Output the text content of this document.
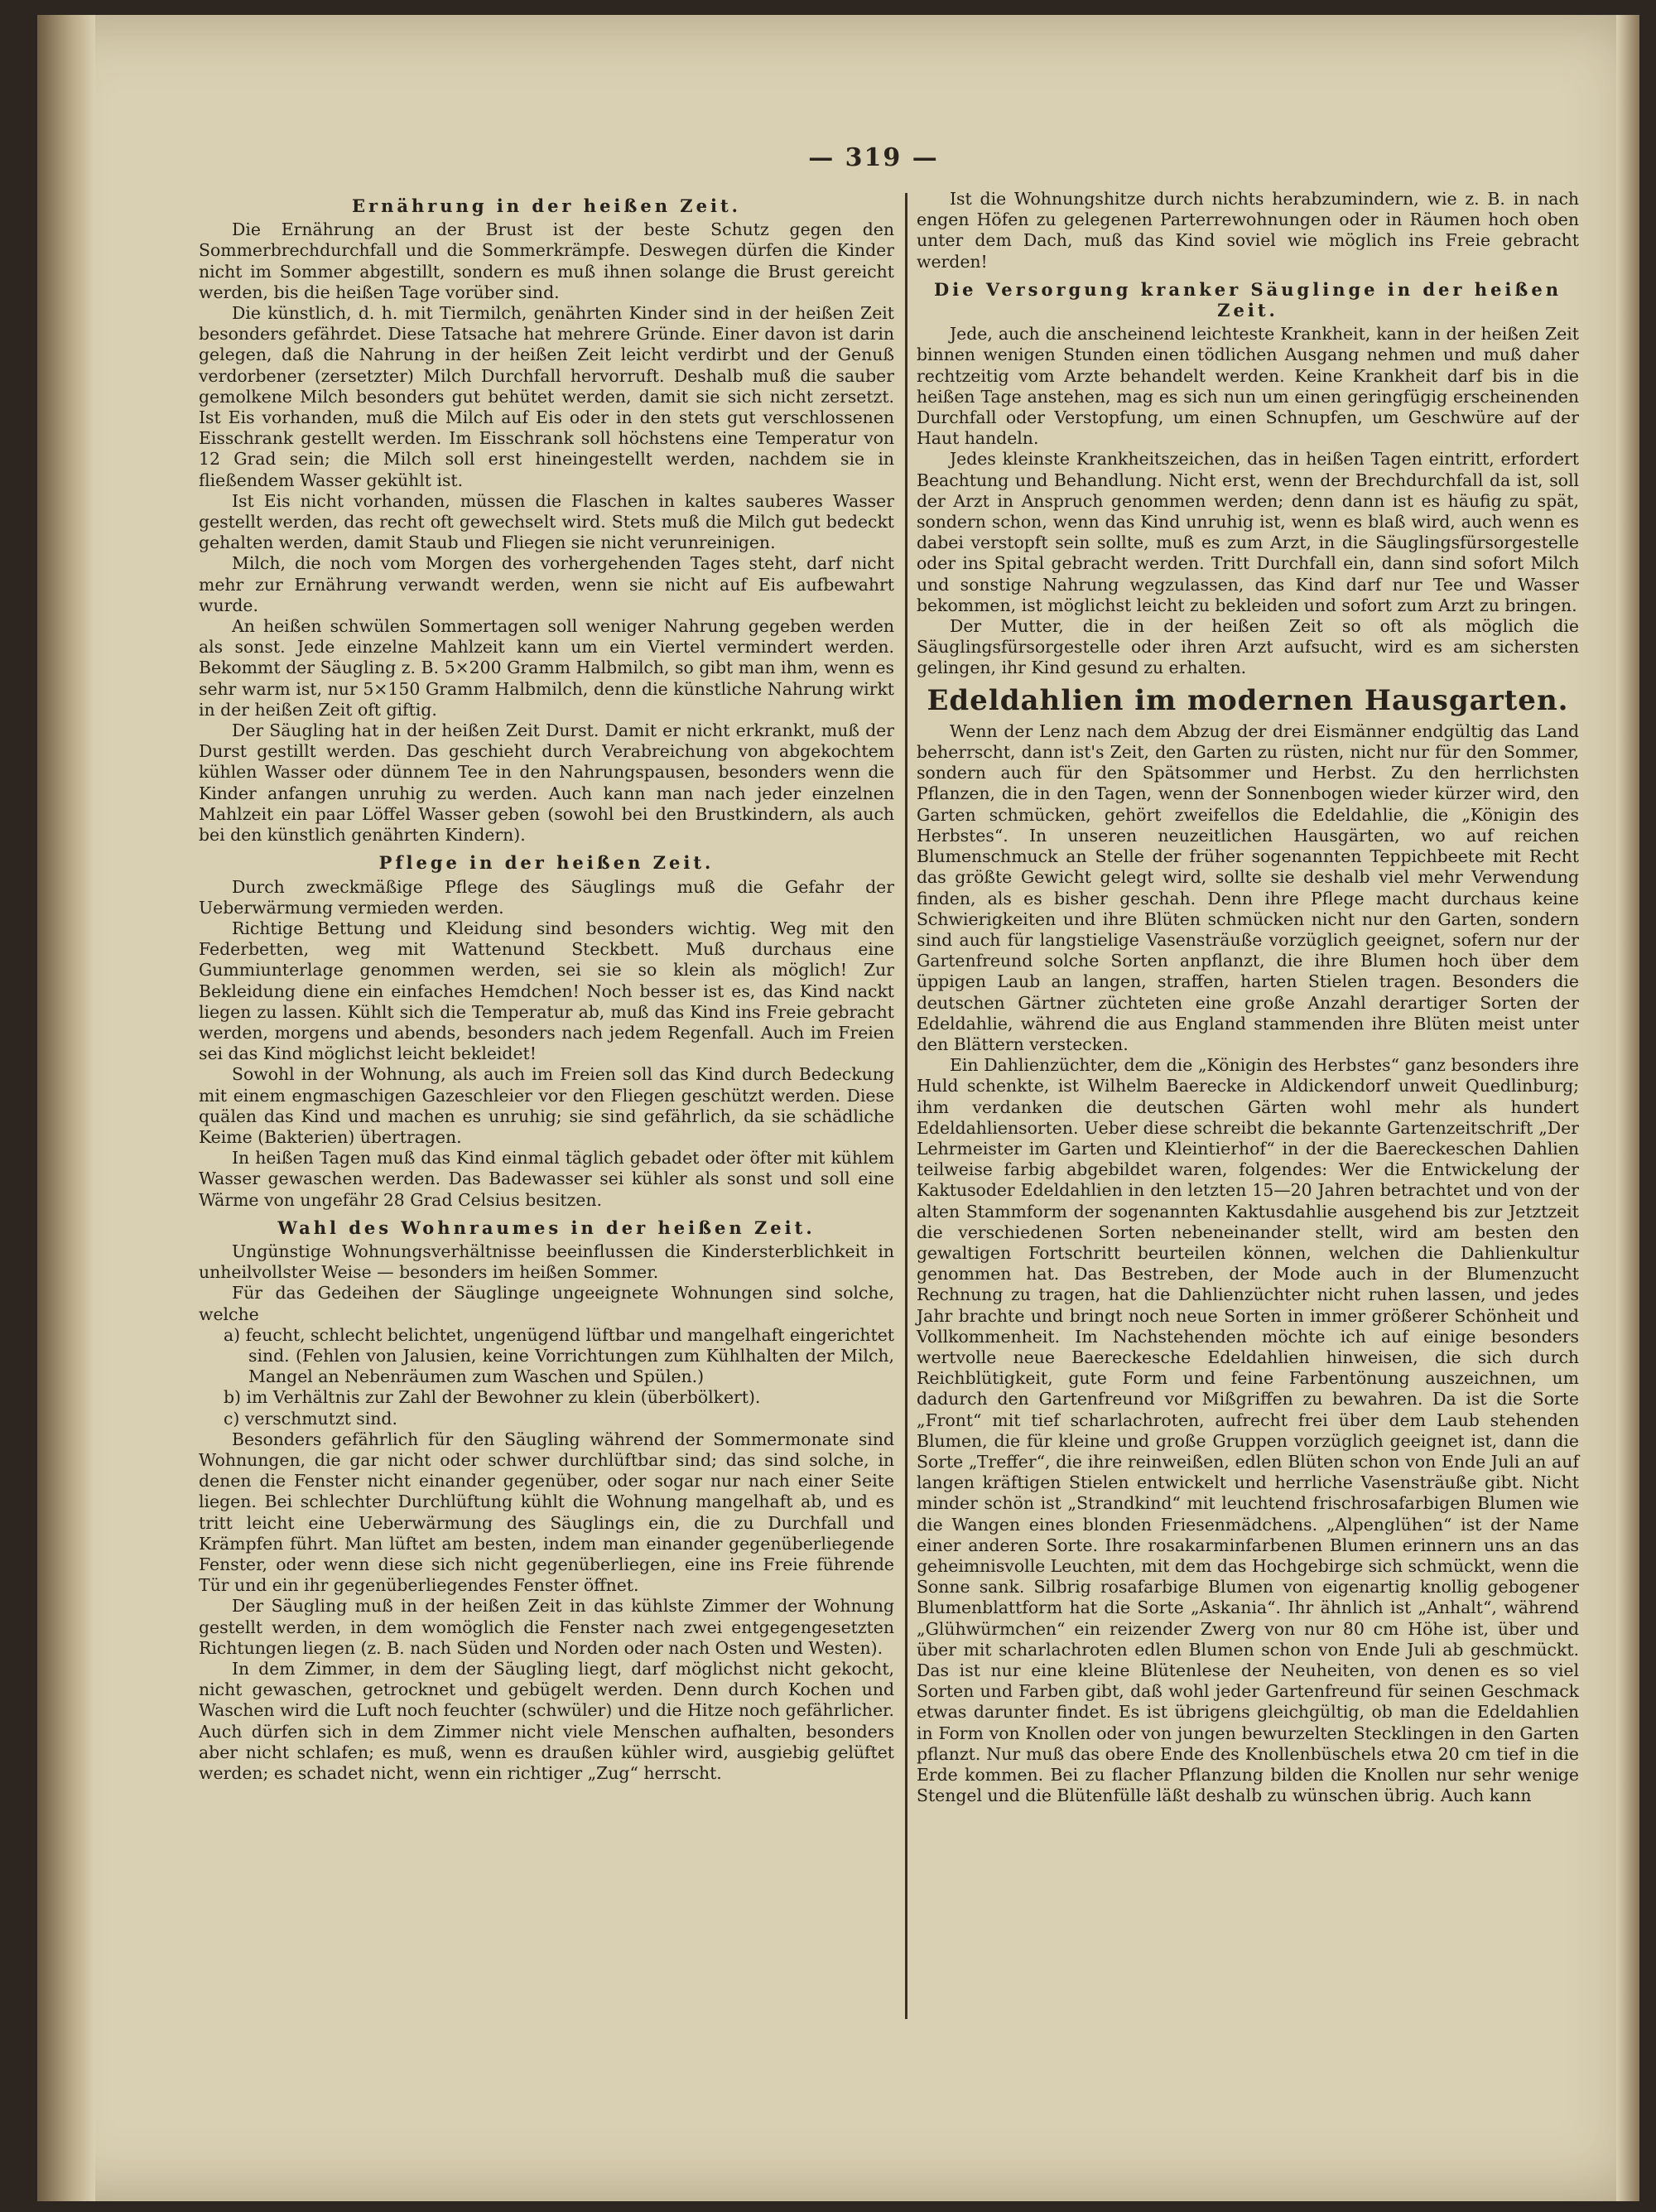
— 319 —
Ernährung in der heißen Zeit.

Die Ernährung an der Brust ist der beste Schutz gegen den Sommerbrechdurchfall und die Sommerkrämpfe. Deswegen dürfen die Kinder nicht im Sommer abgestillt, sondern es muß ihnen solange die Brust gereicht werden, bis die heißen Tage vorüber sind.

Die künstlich, d. h. mit Tiermilch, genährten Kinder sind in der heißen Zeit besonders gefährdet. Diese Tatsache hat mehrere Gründe. Einer davon ist darin gelegen, daß die Nahrung in der heißen Zeit leicht verdirbt und der Genuß verdorbener (zersetzter) Milch Durchfall hervorruft. Deshalb muß die sauber gemolkene Milch besonders gut behütet werden, damit sie sich nicht zersetzt. Ist Eis vorhanden, muß die Milch auf Eis oder in den stets gut verschlossenen Eisschrank gestellt werden. Im Eisschrank soll höchstens eine Temperatur von 12 Grad sein; die Milch soll erst hineingestellt werden, nachdem sie in fließendem Wasser gekühlt ist.

Ist Eis nicht vorhanden, müssen die Flaschen in kaltes sauberes Wasser gestellt werden, das recht oft gewechselt wird. Stets muß die Milch gut bedeckt gehalten werden, damit Staub und Fliegen sie nicht verunreinigen.

Milch, die noch vom Morgen des vorhergehenden Tages steht, darf nicht mehr zur Ernährung verwandt werden, wenn sie nicht auf Eis aufbewahrt wurde.

An heißen schwülen Sommertagen soll weniger Nahrung gegeben werden als sonst. Jede einzelne Mahlzeit kann um ein Viertel vermindert werden. Bekommt der Säugling z. B. 5×200 Gramm Halbmilch, so gibt man ihm, wenn es sehr warm ist, nur 5×150 Gramm Halbmilch, denn die künstliche Nahrung wirkt in der heißen Zeit oft giftig.

Der Säugling hat in der heißen Zeit Durst. Damit er nicht erkrankt, muß der Durst gestillt werden. Das geschieht durch Verabreichung von abgekochtem kühlen Wasser oder dünnem Tee in den Nahrungspausen, besonders wenn die Kinder anfangen unruhig zu werden. Auch kann man nach jeder einzelnen Mahlzeit ein paar Löffel Wasser geben (sowohl bei den Brustkindern, als auch bei den künstlich genährten Kindern).

Pflege in der heißen Zeit.

Durch zweckmäßige Pflege des Säuglings muß die Gefahr der Ueberwärmung vermieden werden.

Richtige Bettung und Kleidung sind besonders wichtig. Weg mit den Federbetten, weg mit Wattenund Steckbett. Muß durchaus eine Gummiunterlage genommen werden, sei sie so klein als möglich! Zur Bekleidung diene ein einfaches Hemdchen! Noch besser ist es, das Kind nackt liegen zu lassen. Kühlt sich die Temperatur ab, muß das Kind ins Freie gebracht werden, morgens und abends, besonders nach jedem Regenfall. Auch im Freien sei das Kind möglichst leicht bekleidet!

Sowohl in der Wohnung, als auch im Freien soll das Kind durch Bedeckung mit einem engmaschigen Gazeschleier vor den Fliegen geschützt werden. Diese quälen das Kind und machen es unruhig; sie sind gefährlich, da sie schädliche Keime (Bakterien) übertragen.

In heißen Tagen muß das Kind einmal täglich gebadet oder öfter mit kühlem Wasser gewaschen werden. Das Badewasser sei kühler als sonst und soll eine Wärme von ungefähr 28 Grad Celsius besitzen.

Wahl des Wohnraumes in der heißen Zeit.

Ungünstige Wohnungsverhältnisse beeinflussen die Kindersterblichkeit in unheilvollster Weise — besonders im heißen Sommer.

Für das Gedeihen der Säuglinge ungeeignete Wohnungen sind solche, welche

a) feucht, schlecht belichtet, ungenügend lüftbar und mangelhaft eingerichtet sind. (Fehlen von Jalusien, keine Vorrichtungen zum Kühlhalten der Milch, Mangel an Nebenräumen zum Waschen und Spülen.)
b) im Verhältnis zur Zahl der Bewohner zu klein (überbölkert).
c) verschmutzt sind.

Besonders gefährlich für den Säugling während der Sommermonate sind Wohnungen, die gar nicht oder schwer durchlüftbar sind; das sind solche, in denen die Fenster nicht einander gegenüber, oder sogar nur nach einer Seite liegen. Bei schlechter Durchlüftung kühlt die Wohnung mangelhaft ab, und es tritt leicht eine Ueberwärmung des Säuglings ein, die zu Durchfall und Krämpfen führt. Man lüftet am besten, indem man einander gegenüberliegende Fenster, oder wenn diese sich nicht gegenüberliegen, eine ins Freie führende Tür und ein ihr gegenüberliegendes Fenster öffnet.

Der Säugling muß in der heißen Zeit in das kühlste Zimmer der Wohnung gestellt werden, in dem womöglich die Fenster nach zwei entgegengesetzten Richtungen liegen (z. B. nach Süden und Norden oder nach Osten und Westen).

In dem Zimmer, in dem der Säugling liegt, darf möglichst nicht gekocht, nicht gewaschen, getrocknet und gebügelt werden. Denn durch Kochen und Waschen wird die Luft noch feuchter (schwüler) und die Hitze noch gefährlicher. Auch dürfen sich in dem Zimmer nicht viele Menschen aufhalten, besonders aber nicht schlafen; es muß, wenn es draußen kühler wird, ausgiebig gelüftet werden; es schadet nicht, wenn ein richtiger „Zug“ herrscht.

Ist die Wohnungshitze durch nichts herabzumindern, wie z. B. in nach engen Höfen zu gelegenen Parterrewohnungen oder in Räumen hoch oben unter dem Dach, muß das Kind soviel wie möglich ins Freie gebracht werden!

Die Versorgung kranker Säuglinge in der heißen Zeit.

Jede, auch die anscheinend leichteste Krankheit, kann in der heißen Zeit binnen wenigen Stunden einen tödlichen Ausgang nehmen und muß daher rechtzeitig vom Arzte behandelt werden. Keine Krankheit darf bis in die heißen Tage anstehen, mag es sich nun um einen geringfügig erscheinenden Durchfall oder Verstopfung, um einen Schnupfen, um Geschwüre auf der Haut handeln.

Jedes kleinste Krankheitszeichen, das in heißen Tagen eintritt, erfordert Beachtung und Behandlung. Nicht erst, wenn der Brechdurchfall da ist, soll der Arzt in Anspruch genommen werden; denn dann ist es häufig zu spät, sondern schon, wenn das Kind unruhig ist, wenn es blaß wird, auch wenn es dabei verstopft sein sollte, muß es zum Arzt, in die Säuglingsfürsorgestelle oder ins Spital gebracht werden. Tritt Durchfall ein, dann sind sofort Milch und sonstige Nahrung wegzulassen, das Kind darf nur Tee und Wasser bekommen, ist möglichst leicht zu bekleiden und sofort zum Arzt zu bringen.

Der Mutter, die in der heißen Zeit so oft als möglich die Säuglingsfürsorgestelle oder ihren Arzt aufsucht, wird es am sichersten gelingen, ihr Kind gesund zu erhalten.

Edeldahlien im modernen Hausgarten.

Wenn der Lenz nach dem Abzug der drei Eismänner endgültig das Land beherrscht, dann ist's Zeit, den Garten zu rüsten, nicht nur für den Sommer, sondern auch für den Spätsommer und Herbst. Zu den herrlichsten Pflanzen, die in den Tagen, wenn der Sonnenbogen wieder kürzer wird, den Garten schmücken, gehört zweifellos die Edeldahlie, die „Königin des Herbstes“. In unseren neuzeitlichen Hausgärten, wo auf reichen Blumenschmuck an Stelle der früher sogenannten Teppichbeete mit Recht das größte Gewicht gelegt wird, sollte sie deshalb viel mehr Verwendung finden, als es bisher geschah. Denn ihre Pflege macht durchaus keine Schwierigkeiten und ihre Blüten schmücken nicht nur den Garten, sondern sind auch für langstielige Vasensträuße vorzüglich geeignet, sofern nur der Gartenfreund solche Sorten anpflanzt, die ihre Blumen hoch über dem üppigen Laub an langen, straffen, harten Stielen tragen. Besonders die deutschen Gärtner züchteten eine große Anzahl derartiger Sorten der Edeldahlie, während die aus England stammenden ihre Blüten meist unter den Blättern verstecken.

Ein Dahlienzüchter, dem die „Königin des Herbstes“ ganz besonders ihre Huld schenkte, ist Wilhelm Baerecke in Aldickendorf unweit Quedlinburg; ihm verdanken die deutschen Gärten wohl mehr als hundert Edeldahliensorten. Ueber diese schreibt die bekannte Gartenzeitschrift „Der Lehrmeister im Garten und Kleintierhof“ in der die Baereckeschen Dahlien teilweise farbig abgebildet waren, folgendes: Wer die Entwickelung der Kaktusoder Edeldahlien in den letzten 15—20 Jahren betrachtet und von der alten Stammform der sogenannten Kaktusdahlie ausgehend bis zur Jetztzeit die verschiedenen Sorten nebeneinander stellt, wird am besten den gewaltigen Fortschritt beurteilen können, welchen die Dahlienkultur genommen hat. Das Bestreben, der Mode auch in der Blumenzucht Rechnung zu tragen, hat die Dahlienzüchter nicht ruhen lassen, und jedes Jahr brachte und bringt noch neue Sorten in immer größerer Schönheit und Vollkommenheit. Im Nachstehenden möchte ich auf einige besonders wertvolle neue Baereckesche Edeldahlien hinweisen, die sich durch Reichblütigkeit, gute Form und feine Farbentönung auszeichnen, um dadurch den Gartenfreund vor Mißgriffen zu bewahren. Da ist die Sorte „Front“ mit tief scharlachroten, aufrecht frei über dem Laub stehenden Blumen, die für kleine und große Gruppen vorzüglich geeignet ist, dann die Sorte „Treffer“, die ihre reinweißen, edlen Blüten schon von Ende Juli an auf langen kräftigen Stielen entwickelt und herrliche Vasensträuße gibt. Nicht minder schön ist „Strandkind“ mit leuchtend frischrosafarbigen Blumen wie die Wangen eines blonden Friesenmädchens. „Alpenglühen“ ist der Name einer anderen Sorte. Ihre rosakarminfarbenen Blumen erinnern uns an das geheimnisvolle Leuchten, mit dem das Hochgebirge sich schmückt, wenn die Sonne sank. Silbrig rosafarbige Blumen von eigenartig knollig gebogener Blumenblattform hat die Sorte „Askania“. Ihr ähnlich ist „Anhalt“, während „Glühwürmchen“ ein reizender Zwerg von nur 80 cm Höhe ist, über und über mit scharlachroten edlen Blumen schon von Ende Juli ab geschmückt. Das ist nur eine kleine Blütenlese der Neuheiten, von denen es so viel Sorten und Farben gibt, daß wohl jeder Gartenfreund für seinen Geschmack etwas darunter findet. Es ist übrigens gleichgültig, ob man die Edeldahlien in Form von Knollen oder von jungen bewurzelten Stecklingen in den Garten pflanzt. Nur muß das obere Ende des Knollenbüschels etwa 20 cm tief in die Erde kommen. Bei zu flacher Pflanzung bilden die Knollen nur sehr wenige Stengel und die Blütenfülle läßt deshalb zu wünschen übrig. Auch kann
